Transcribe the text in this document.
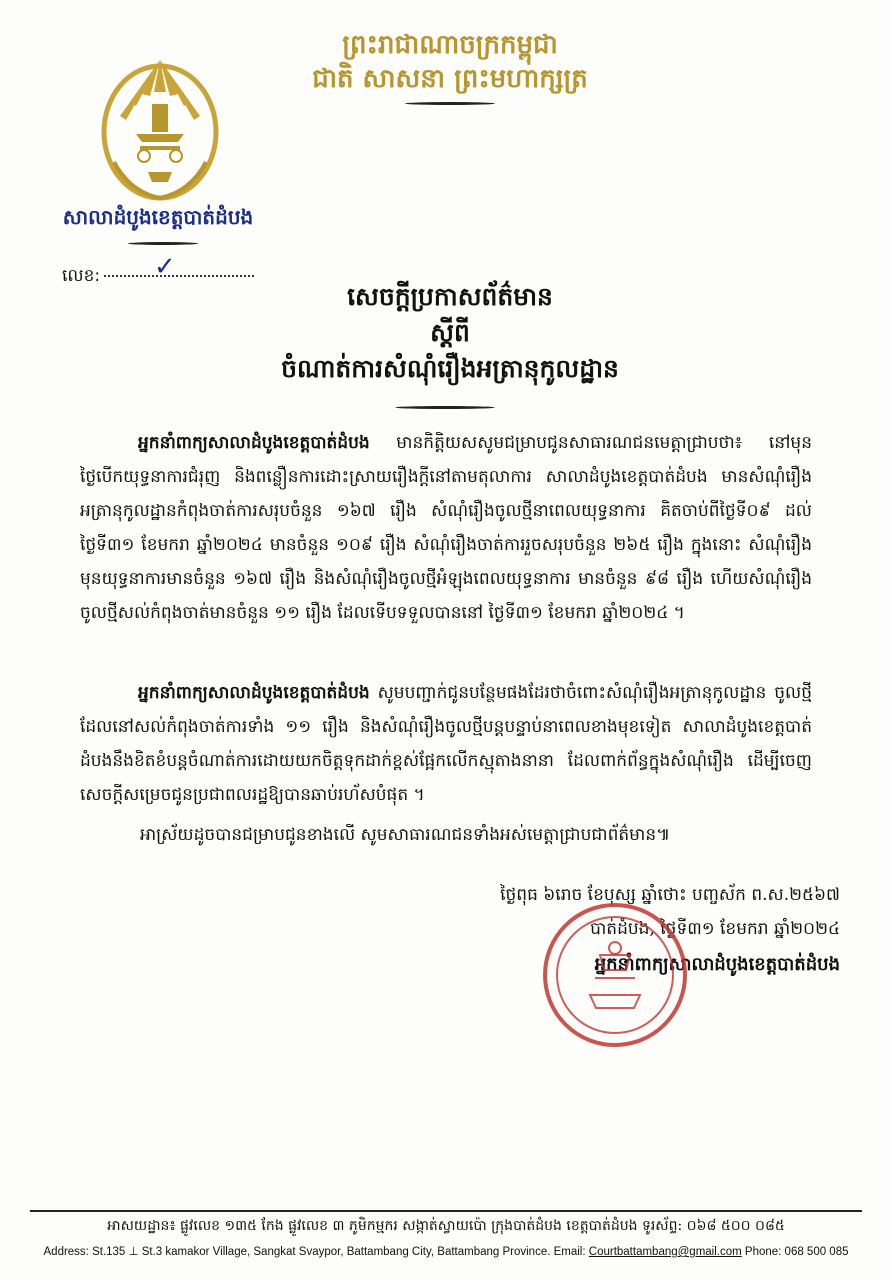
ព្រះរាជាណាចក្រកម្ពុជា
ជាតិ សាសនា ព្រះមហាក្សត្រ
សាលាដំបូងខេត្តបាត់ដំបង
លេខ:	✓
សេចក្តីប្រកាសព័ត៌មាន
ស្តីពី
ចំណាត់ការសំណុំរឿងអត្រានុកូលដ្ឋាន
អ្នកនាំពាក្យសាលាដំបូងខេត្តបាត់ដំបង មានកិត្តិយសសូមជម្រាបជូនសាធារណជនមេត្តាជ្រាបថា៖ នៅមុនថ្ងៃបើកយុទ្ធនាការជំរុញ និងពន្លឿនការដោះស្រាយរឿងក្តីនៅតាមតុលាការ សាលាដំបូងខេត្តបាត់ដំបង មានសំណុំរឿងអត្រានុកូលដ្ឋានកំពុងចាត់ការសរុបចំនួន ១៦៧ រឿង សំណុំរឿងចូលថ្មីនាពេលយុទ្ធនាការ គិតចាប់ពីថ្ងៃទី០៩ ដល់ថ្ងៃទី៣១ ខែមករា ឆ្នាំ២០២៤ មានចំនួន ១០៩ រឿង សំណុំរឿងចាត់ការរួចសរុបចំនួន ២៦៥ រឿង ក្នុងនោះ សំណុំរឿងមុនយុទ្ធនាការមានចំនួន ១៦៧ រឿង និងសំណុំរឿងចូលថ្មីអំឡុងពេលយុទ្ធនាការ មានចំនួន ៩៨ រឿង ហើយសំណុំរឿងចូលថ្មីសល់កំពុងចាត់មានចំនួន ១១ រឿង ដែលទើបទទួលបាននៅ ថ្ងៃទី៣១ ខែមករា ឆ្នាំ២០២៤ ។
អ្នកនាំពាក្យសាលាដំបូងខេត្តបាត់ដំបង សូមបញ្ជាក់ជូនបន្ថែមផងដែរថាចំពោះសំណុំរឿងអត្រានុកូលដ្ឋាន ចូលថ្មីដែលនៅសល់កំពុងចាត់ការទាំង ១១ រឿង និងសំណុំរឿងចូលថ្មីបន្តបន្ទាប់នាពេលខាងមុខទៀត សាលាដំបូងខេត្តបាត់ដំបងនឹងខិតខំបន្តចំណាត់ការដោយយកចិត្តទុកដាក់ខ្ពស់ផ្អែកលើកស្មុតាងនានា ដែលពាក់ព័ន្ធក្នុងសំណុំរឿង ដើម្បីចេញសេចក្តីសម្រេចជូនប្រជាពលរដ្ឋឱ្យបានឆាប់រហ័សបំផុត ។
អាស្រ័យដូចបានជម្រាបជូនខាងលើ សូមសាធារណជនទាំងអស់មេត្តាជ្រាបជាព័ត៌មាន៕
ថ្ងៃពុធ ៦រោច ខែបុស្ស ឆ្នាំថោះ បញ្ចស័ក ព.ស.២៥៦៧
បាត់ដំបង, ថ្ងៃទី៣១ ខែមករា ឆ្នាំ២០២៤
អ្នកនាំពាក្យសាលាដំបូងខេត្តបាត់ដំបង
អាសយដ្ឋាន៖ ផ្លូវលេខ ១៣៥ កែង ផ្លូវលេខ ៣ ភូមិកម្មករ សង្កាត់ស្វាយប៉ោ ក្រុងបាត់ដំបង ខេត្តបាត់ដំបង ទូរស័ព្ទ: ០៦៨ ៥០០ ០៨៥
Address: St.135 ⊥ St.3 kamakor Village, Sangkat Svaypor, Battambang City, Battambang Province. Email: Courtbattambang@gmail.com Phone: 068 500 085
